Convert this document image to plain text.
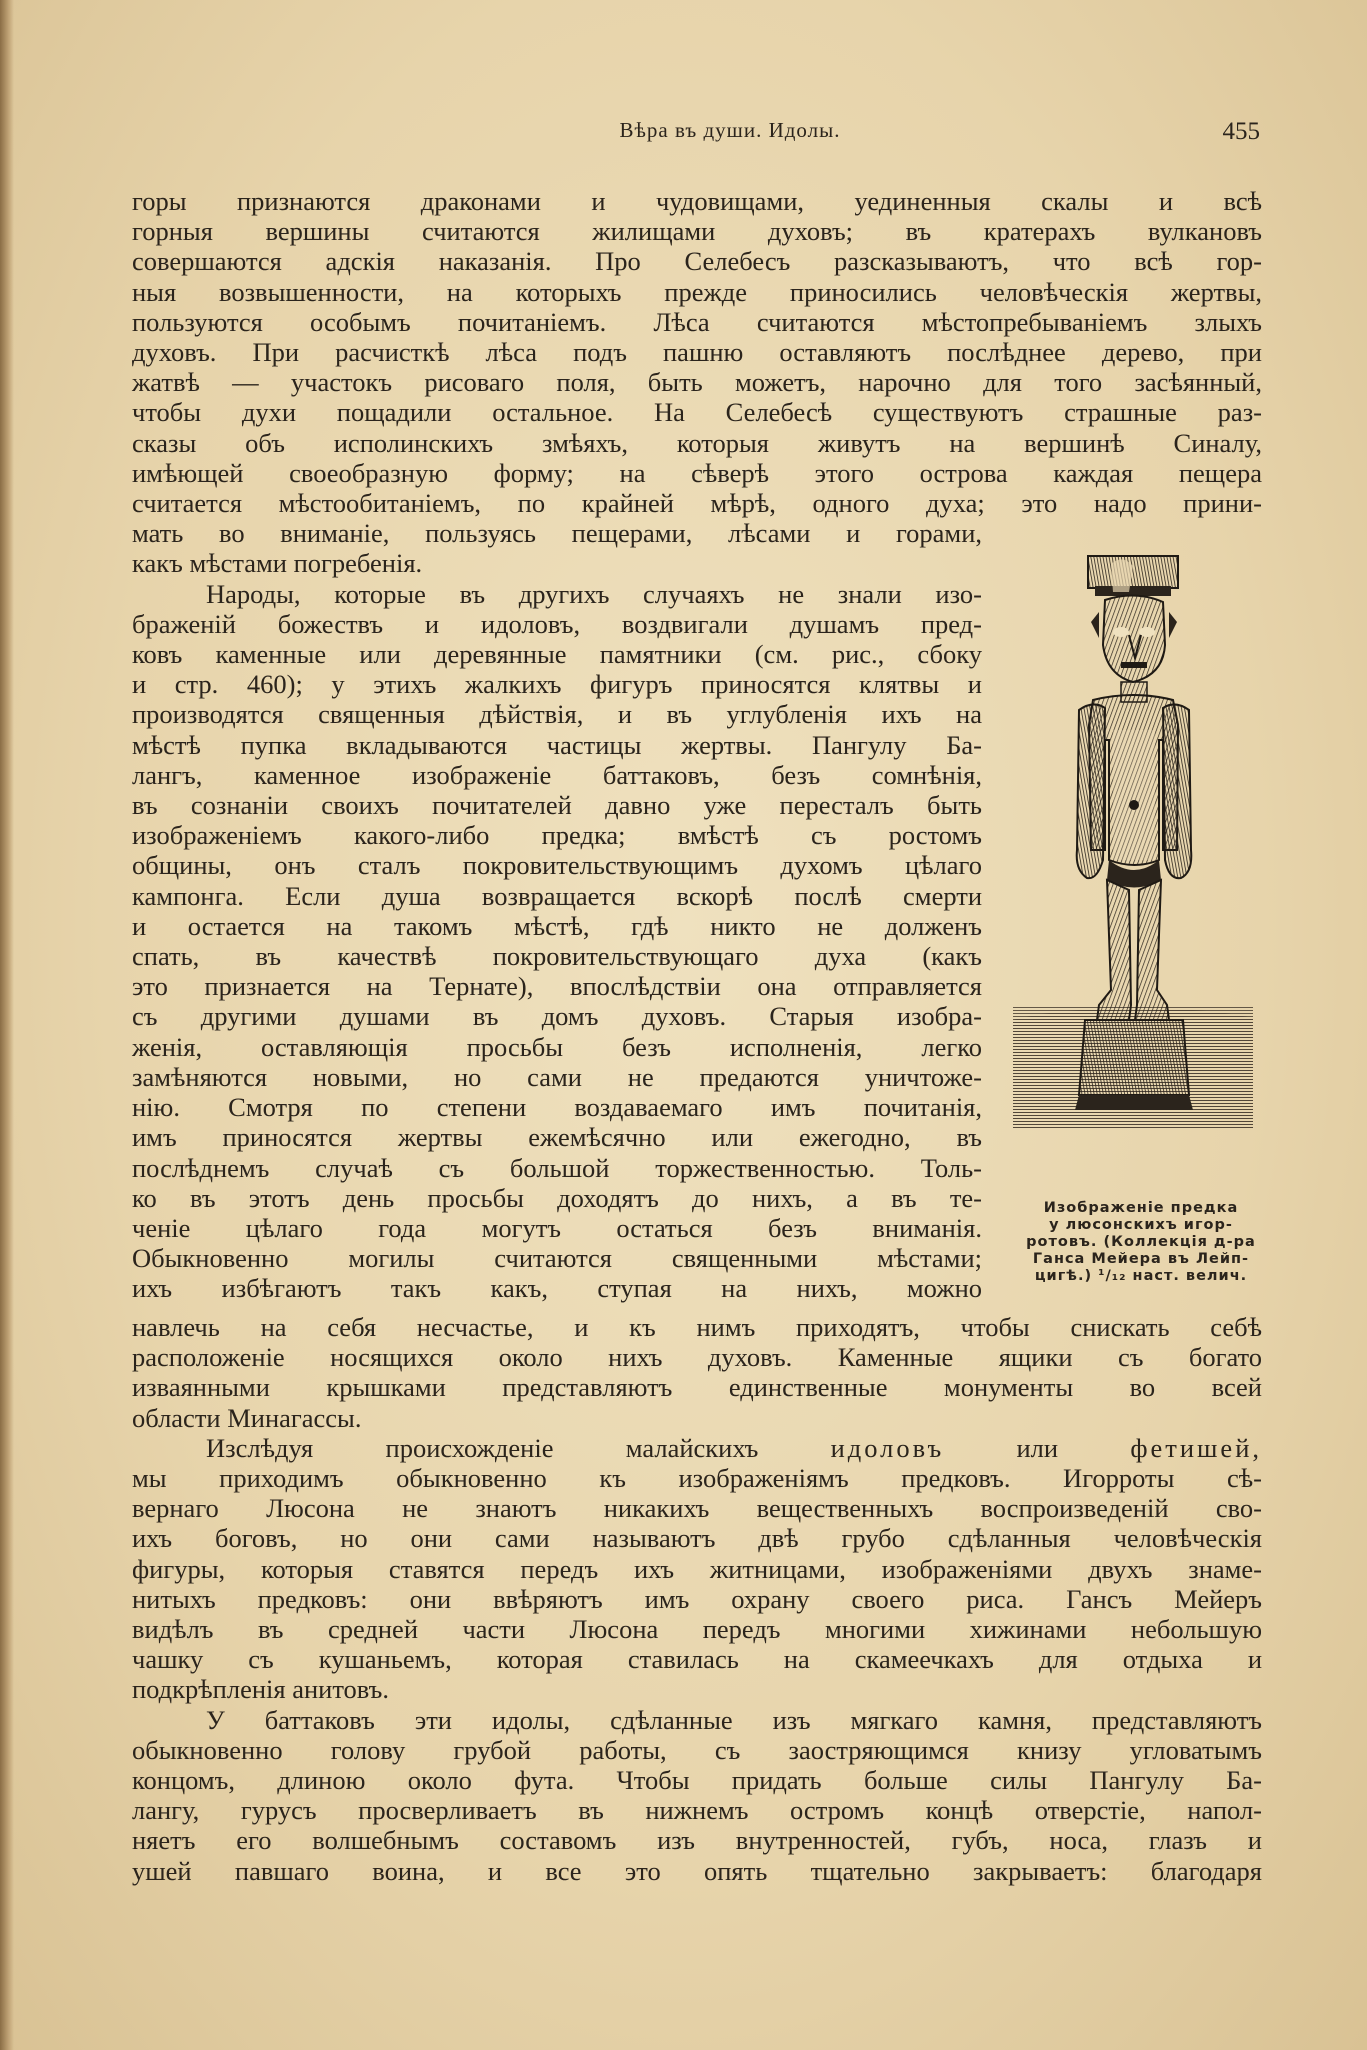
Вѣра въ души. Идолы.	455
горы признаются драконами и чудовищами, уединенныя скалы и всѣ
горныя вершины считаются жилищами духовъ; въ кратерахъ вулкановъ
совершаются адскія наказанія. Про Селебесъ разсказываютъ, что всѣ гор-
ныя возвышенности, на которыхъ прежде приносились человѣческія жертвы,
пользуются особымъ почитаніемъ. Лѣса считаются мѣстопребываніемъ злыхъ
духовъ. При расчисткѣ лѣса подъ пашню оставляютъ послѣднее дерево, при
жатвѣ — участокъ рисоваго поля, быть можетъ, нарочно для того засѣянный,
чтобы духи пощадили остальное. На Селебесѣ существуютъ страшные раз-
сказы объ исполинскихъ змѣяхъ, которыя живутъ на вершинѣ Синалу,
имѣющей своеобразную форму; на сѣверѣ этого острова каждая пещера
считается мѣстообитаніемъ, по крайней мѣрѣ, одного духа; это надо прини-
мать во вниманіе, пользуясь пещерами, лѣсами и горами,
какъ мѣстами погребенія.
Народы, которые въ другихъ случаяхъ не знали изо-
браженій божествъ и идоловъ, воздвигали душамъ пред-
ковъ каменные или деревянные памятники (см. рис., сбоку
и стр. 460); у этихъ жалкихъ фигуръ приносятся клятвы и
производятся священныя дѣйствія, и въ углубленія ихъ на
мѣстѣ пупка вкладываются частицы жертвы. Пангулу Ба-
лангъ, каменное изображеніе баттаковъ, безъ сомнѣнія,
въ сознаніи своихъ почитателей давно уже пересталъ быть
изображеніемъ какого-либо предка; вмѣстѣ съ ростомъ
общины, онъ сталъ покровительствующимъ духомъ цѣлаго
кампонга. Если душа возвращается вскорѣ послѣ смерти
и остается на такомъ мѣстѣ, гдѣ никто не долженъ
спать, въ качествѣ покровительствующаго духа (какъ
это признается на Тернате), впослѣдствіи она отправляется
съ другими душами въ домъ духовъ. Старыя изобра-
женія, оставляющія просьбы безъ исполненія, легко
замѣняются новыми, но сами не предаются уничтоже-
нію. Смотря по степени воздаваемаго имъ почитанія,
имъ приносятся жертвы ежемѣсячно или ежегодно, въ
послѣднемъ случаѣ съ большой торжественностью. Толь-
ко въ этотъ день просьбы доходятъ до нихъ, а въ те-
ченіе цѣлаго года могутъ остаться безъ вниманія.
Обыкновенно могилы считаются священными мѣстами;
ихъ избѣгаютъ такъ какъ, ступая на нихъ, можно
Изображеніе предка
у люсонскихъ игор-
ротовъ. (Коллекція д-ра
Ганса Мейера въ Лейп-
цигѣ.) ¹/₁₂ наст. велич.
навлечь на себя несчастье, и къ нимъ приходятъ, чтобы снискать себѣ
расположеніе носящихся около нихъ духовъ. Каменные ящики съ богато
изваянными крышками представляютъ единственные монументы во всей
области Минагассы.
Изслѣдуя происхожденіе малайскихъ	идоловъ	или	фетишей,
мы приходимъ обыкновенно къ изображеніямъ предковъ. Игорроты сѣ-
вернаго Люсона не знаютъ никакихъ вещественныхъ воспроизведеній сво-
ихъ боговъ, но они сами называютъ двѣ грубо сдѣланныя человѣческія
фигуры, которыя ставятся передъ ихъ житницами, изображеніями двухъ знаме-
нитыхъ предковъ: они ввѣряютъ имъ охрану своего риса. Гансъ Мейеръ
видѣлъ въ средней части Люсона передъ многими хижинами небольшую
чашку съ кушаньемъ, которая ставилась на скамеечкахъ для отдыха и
подкрѣпленія анитовъ.
У баттаковъ эти идолы, сдѣланные изъ мягкаго камня, представляютъ
обыкновенно голову грубой работы, съ заостряющимся книзу угловатымъ
концомъ, длиною около фута. Чтобы придать больше силы Пангулу Ба-
лангу, гурусъ просверливаетъ въ нижнемъ остромъ концѣ отверстіе, напол-
няетъ его волшебнымъ составомъ изъ внутренностей, губъ, носа, глазъ и
ушей павшаго воина, и все это опять тщательно закрываетъ: благодаря
